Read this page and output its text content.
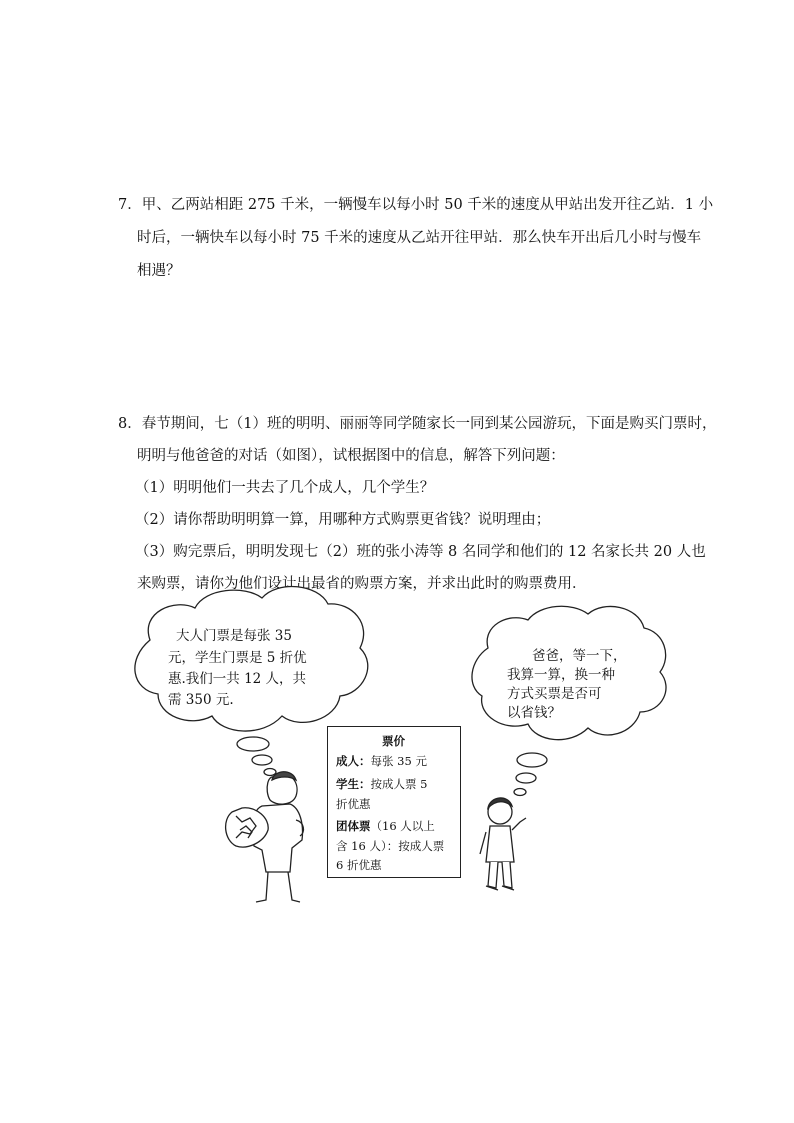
7．甲、乙两站相距 275 千米，一辆慢车以每小时 50 千米的速度从甲站出发开往乙站．1 小
时后，一辆快车以每小时 75 千米的速度从乙站开往甲站．那么快车开出后几小时与慢车
相遇？
8．春节期间，七（1）班的明明、丽丽等同学随家长一同到某公园游玩，下面是购买门票时，
明明与他爸爸的对话（如图），试根据图中的信息，解答下列问题：
（1）明明他们一共去了几个成人，几个学生？
（2）请你帮助明明算一算，用哪种方式购票更省钱？说明理由；
（3）购完票后，明明发现七（2）班的张小涛等 8 名同学和他们的 12 名家长共 20 人也
来购票，请你为他们设计出最省的购票方案，并求出此时的购票费用．
大人门票是每张 35
元，学生门票是 5 折优
惠.我们一共 12 人，共
需 350 元.
爸爸，等一下，
我算一算，换一种
方式买票是否可
以省钱？
票价
成人：每张 35 元
学生：按成人票 5
折优惠
团体票（16 人以上
含 16 人）：按成人票
6 折优惠
